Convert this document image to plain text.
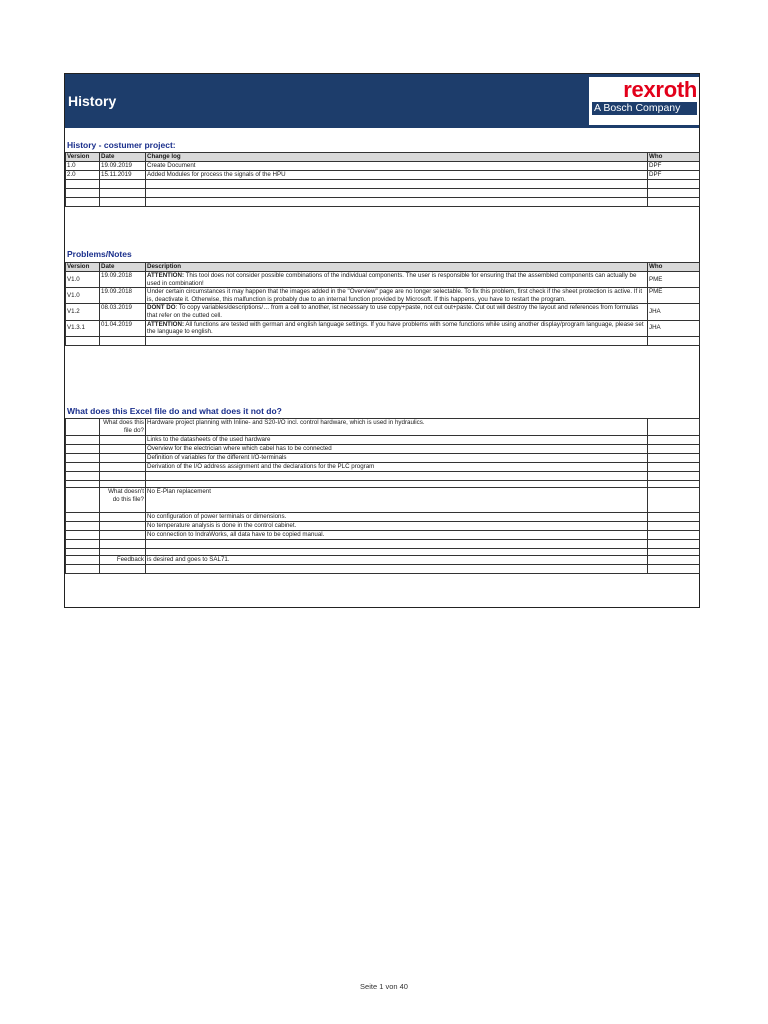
History	rexroth
A Bosch Company
History - costumer project:
Version	Date	Change log	Who
1.0	19.09.2019	Create Document	DPF
2.0	15.11.2019	Added Modules for process the signals of the HPU	DPF

Problems/Notes
Version	Date	Description	Who
V1.0	19.09.2018	ATTENTION: This tool does not consider possible combinations of the individual components. The user is responsible for ensuring that the assembled components can actually be used in combination!	PME
V1.0	19.09.2018	Under certain circumstances it may happen that the images added in the "Overview" page are no longer selectable. To fix this problem, first check if the sheet protection is active. If it is, deactivate it. Otherwise, this malfunction is probably due to an internal function provided by Microsoft. If this happens, you have to restart the program.	PME
V1.2	08.03.2019	DONT DO: To copy variables/descriptions/… from a cell to another, ist necessary to use copy+paste, not cut out+paste. Cut out will destroy the layout and references from formulas that refer on the cutted cell.	JHA
V1.3.1	01.04.2019	ATTENTION: All functions are tested with german and english language settings. If you have problems with some functions while using another display/program language, please set the language to english.	JHA

What does this Excel file do and what does it not do?
	What does this file do?	Hardware project planning with Inline- and S20-I/O incl. control hardware, which is used in hydraulics.	
		Links to the datasheets of the used hardware	
		Overview for the electrician where which cabel has to be connected	
		Definition of variables for the different I/O-terminals	
		Derivation of the I/O address assignment and the declarations for the PLC program	

	What doesn't do this file?	No E-Plan replacement	
		No configuration of power terminals or dimensions.	
		No temperature analysis is done in the control cabinet.	
		No connection to IndraWorks, all data have to be copied manual.	

	Feedback	is desired and goes to SAL71.	

Seite 1 von 40
